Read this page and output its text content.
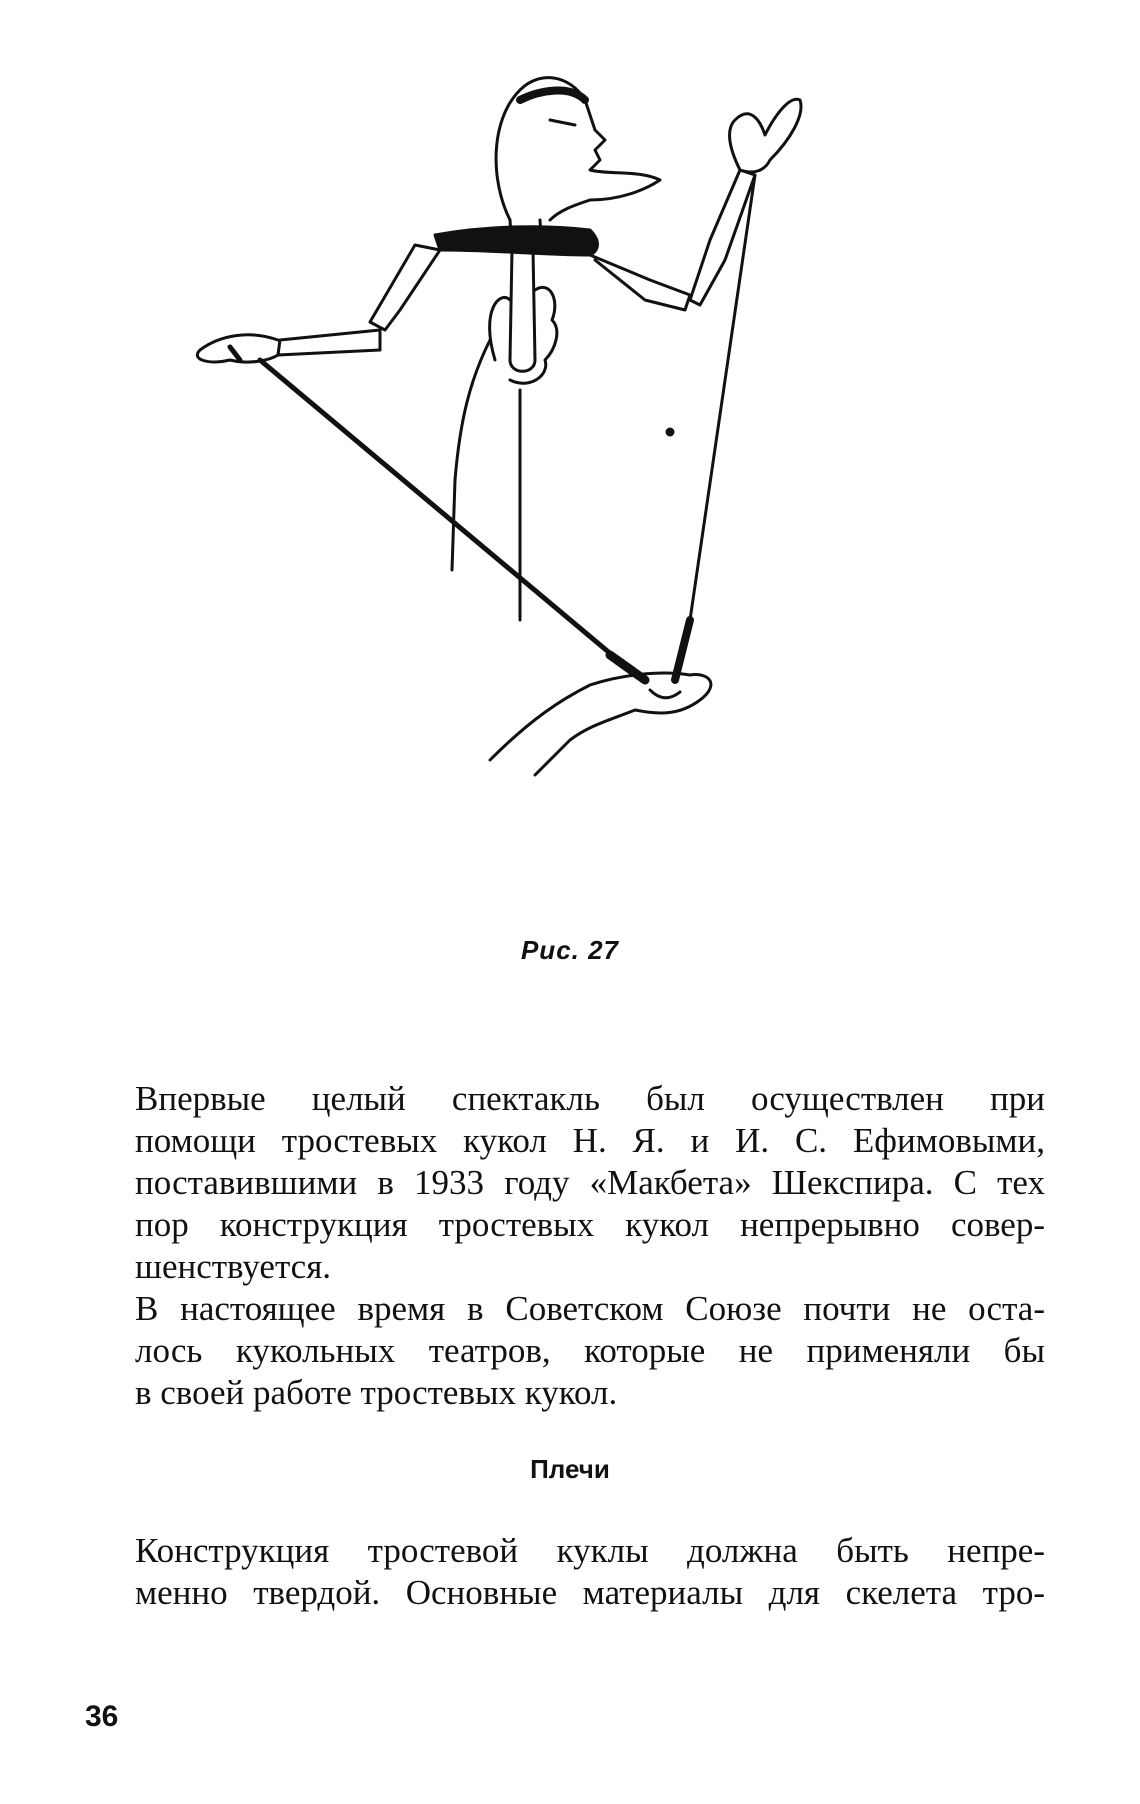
Рис. 27

Впервые целый спектакль был осуществлен при
помощи тростевых кукол Н. Я. и И. С. Ефимовыми,
поставившими в 1933 году «Макбета» Шекспира. С тех
пор конструкция тростевых кукол непрерывно совер-
шенствуется.

В настоящее время в Советском Союзе почти не оста-
лось кукольных театров, которые не применяли бы
в своей работе тростевых кукол.

Плечи

Конструкция тростевой куклы должна быть непре-
менно твердой. Основные материалы для скелета тро-

36
